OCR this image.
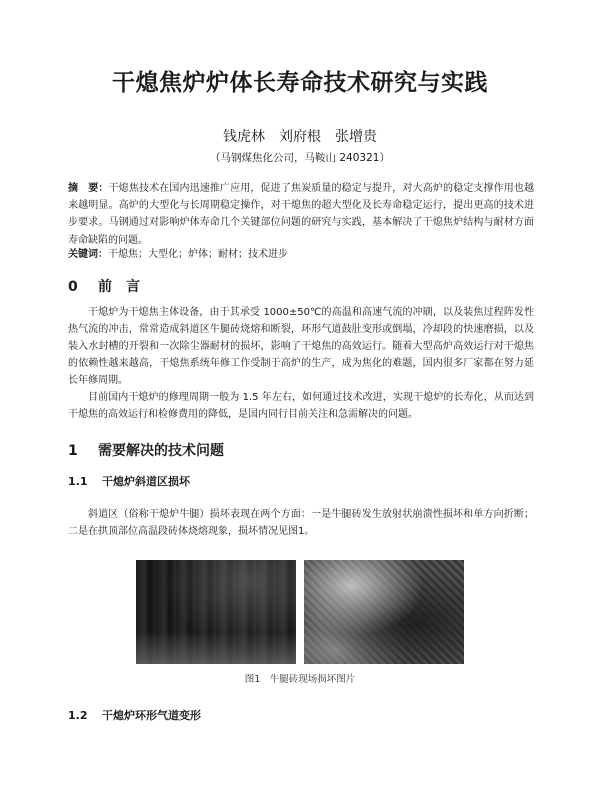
干熄焦炉炉体长寿命技术研究与实践
钱虎林　刘府根　张增贵
（马钢煤焦化公司，马鞍山 240321）
摘　要：干熄焦技术在国内迅速推广应用，促进了焦炭质量的稳定与提升，对大高炉的稳定支撑作用也越来越明显。高炉的大型化与长周期稳定操作，对干熄焦的超大型化及长寿命稳定运行，提出更高的技术进步要求。马钢通过对影响炉体寿命几个关键部位问题的研究与实践，基本解决了干熄焦炉结构与耐材方面寿命缺陷的问题。
关键词：干熄焦；大型化；炉体；耐材；技术进步
0 前　言
干熄炉为干熄焦主体设备，由于其承受 1000±50℃的高温和高速气流的冲刷，以及装焦过程阵发性热气流的冲击，常常造成斜道区牛腿砖烧熔和断裂，环形气道鼓肚变形或倒塌，冷却段的快速磨损，以及装入水封槽的开裂和一次除尘器耐材的损坏，影响了干熄焦的高效运行。随着大型高炉高效运行对干熄焦的依赖性越来越高，干熄焦系统年修工作受制于高炉的生产，成为焦化的难题，国内很多厂家都在努力延长年修周期。
目前国内干熄炉的修理周期一般为 1.5 年左右，如何通过技术改进，实现干熄炉的长寿化，从而达到干熄焦的高效运行和检修费用的降低，是国内同行目前关注和急需解决的问题。
1 需要解决的技术问题
1.1 干熄炉斜道区损坏
斜道区（俗称干熄炉牛腿）损坏表现在两个方面：一是牛腿砖发生放射状崩溃性损坏和单方向折断；二是在拱顶部位高温段砖体烧熔现象，损坏情况见图1。
图1　牛腿砖现场损坏图片
1.2 干熄炉环形气道变形
